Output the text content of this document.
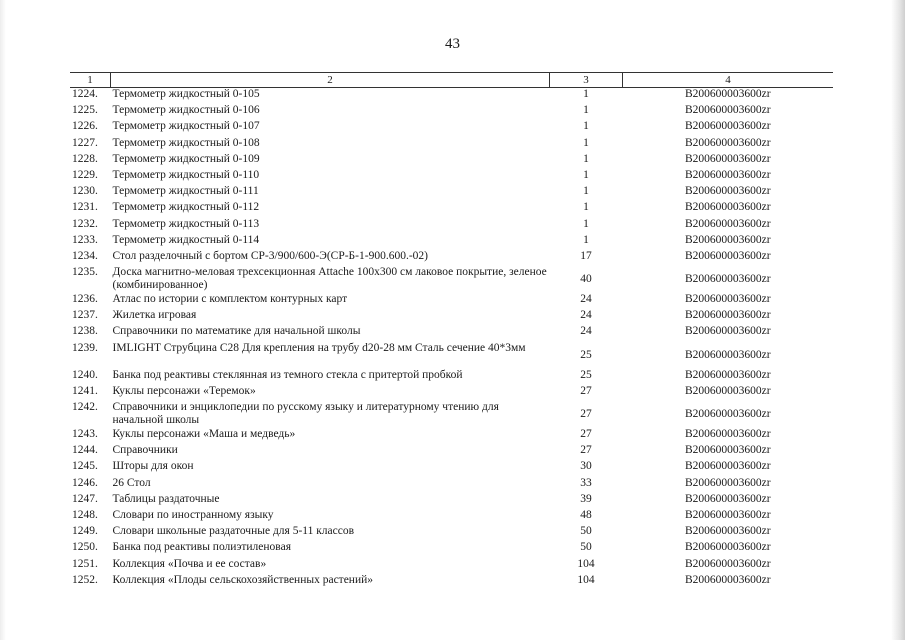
43
1	2	3	4
1224.	Термометр жидкостный 0-105	1	B200600003600zr
1225.	Термометр жидкостный 0-106	1	B200600003600zr
1226.	Термометр жидкостный 0-107	1	B200600003600zr
1227.	Термометр жидкостный 0-108	1	B200600003600zr
1228.	Термометр жидкостный 0-109	1	B200600003600zr
1229.	Термометр жидкостный 0-110	1	B200600003600zr
1230.	Термометр жидкостный 0-111	1	B200600003600zr
1231.	Термометр жидкостный 0-112	1	B200600003600zr
1232.	Термометр жидкостный 0-113	1	B200600003600zr
1233.	Термометр жидкостный 0-114	1	B200600003600zr
1234.	Стол разделочный с бортом СР-3/900/600-Э(СР-Б-1-900.600.-02)	17	B200600003600zr
1235.	Доска магнитно-меловая трехсекционная Attache 100x300 см лаковое покрытие, зеленое (комбинированное)	40	B200600003600zr
1236.	Атлас по истории с комплектом контурных карт	24	B200600003600zr
1237.	Жилетка игровая	24	B200600003600zr
1238.	Справочники по математике для начальной школы	24	B200600003600zr
1239.	IMLIGHT Струбцина С28 Для крепления на трубу d20-28 мм Сталь сечение 40*3мм	25	B200600003600zr
1240.	Банка под реактивы стеклянная из темного стекла с притертой пробкой	25	B200600003600zr
1241.	Куклы персонажи «Теремок»	27	B200600003600zr
1242.	Справочники и энциклопедии по русскому языку и литературному чтению для начальной школы	27	B200600003600zr
1243.	Куклы персонажи «Маша и медведь»	27	B200600003600zr
1244.	Справочники	27	B200600003600zr
1245.	Шторы для окон	30	B200600003600zr
1246.	26 Стол	33	B200600003600zr
1247.	Таблицы раздаточные	39	B200600003600zr
1248.	Словари по иностранному языку	48	B200600003600zr
1249.	Словари школьные раздаточные для 5-11 классов	50	B200600003600zr
1250.	Банка под реактивы полиэтиленовая	50	B200600003600zr
1251.	Коллекция «Почва и ее состав»	104	B200600003600zr
1252.	Коллекция «Плоды сельскохозяйственных растений»	104	B200600003600zr
